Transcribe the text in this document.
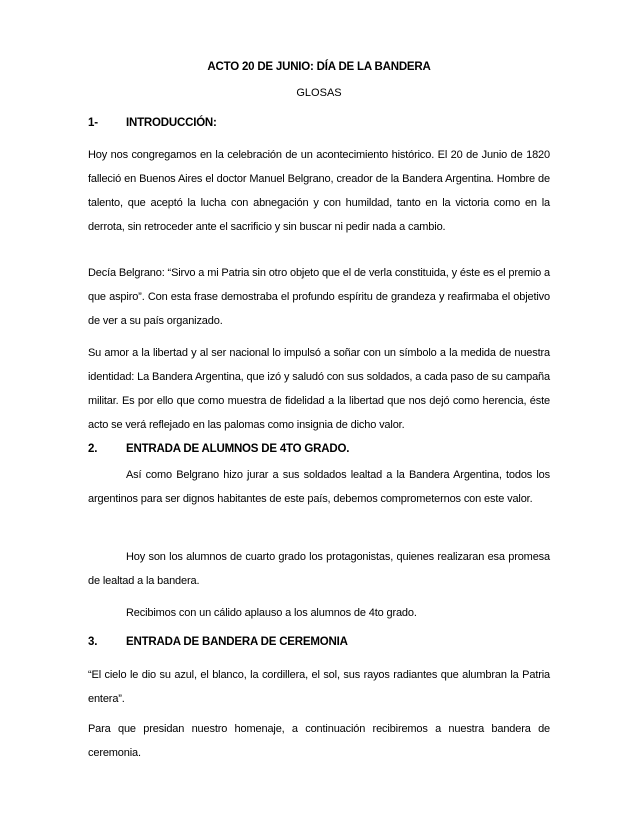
ACTO 20 DE JUNIO: DÍA DE LA BANDERA
GLOSAS
1- INTRODUCCIÓN:
Hoy nos congregamos en la celebración de un acontecimiento histórico. El 20 de Junio de 1820 falleció en Buenos Aires el doctor Manuel Belgrano, creador de la Bandera Argentina. Hombre de talento, que aceptó la lucha con abnegación y con humildad, tanto en la victoria como en la derrota, sin retroceder ante el sacrificio y sin buscar ni pedir nada a cambio.
Decía Belgrano: “Sirvo a mi Patria sin otro objeto que el de verla constituida, y éste es el premio a que aspiro”. Con esta frase demostraba el profundo espíritu de grandeza y reafirmaba el objetivo de ver a su país organizado.
Su amor a la libertad y al ser nacional lo impulsó a soñar con un símbolo a la medida de nuestra identidad: La Bandera Argentina, que izó y saludó con sus soldados, a cada paso de su campaña militar. Es por ello que como muestra de fidelidad a la libertad que nos dejó como herencia, éste acto se verá reflejado en las palomas como insignia de dicho valor.
2.	ENTRADA DE ALUMNOS DE 4TO GRADO.
Así como Belgrano hizo jurar a sus soldados lealtad a la Bandera Argentina, todos los argentinos para ser dignos habitantes de este país, debemos comprometernos con este valor.
Hoy son los alumnos de cuarto grado los protagonistas, quienes realizaran esa promesa de lealtad a la bandera.
Recibimos con un cálido aplauso a los alumnos de 4to grado.
3.	ENTRADA DE BANDERA DE CEREMONIA
“El cielo le dio su azul, el blanco, la cordillera, el sol, sus rayos radiantes que alumbran la Patria entera”.
Para que presidan nuestro homenaje, a continuación recibiremos a nuestra bandera de ceremonia.
